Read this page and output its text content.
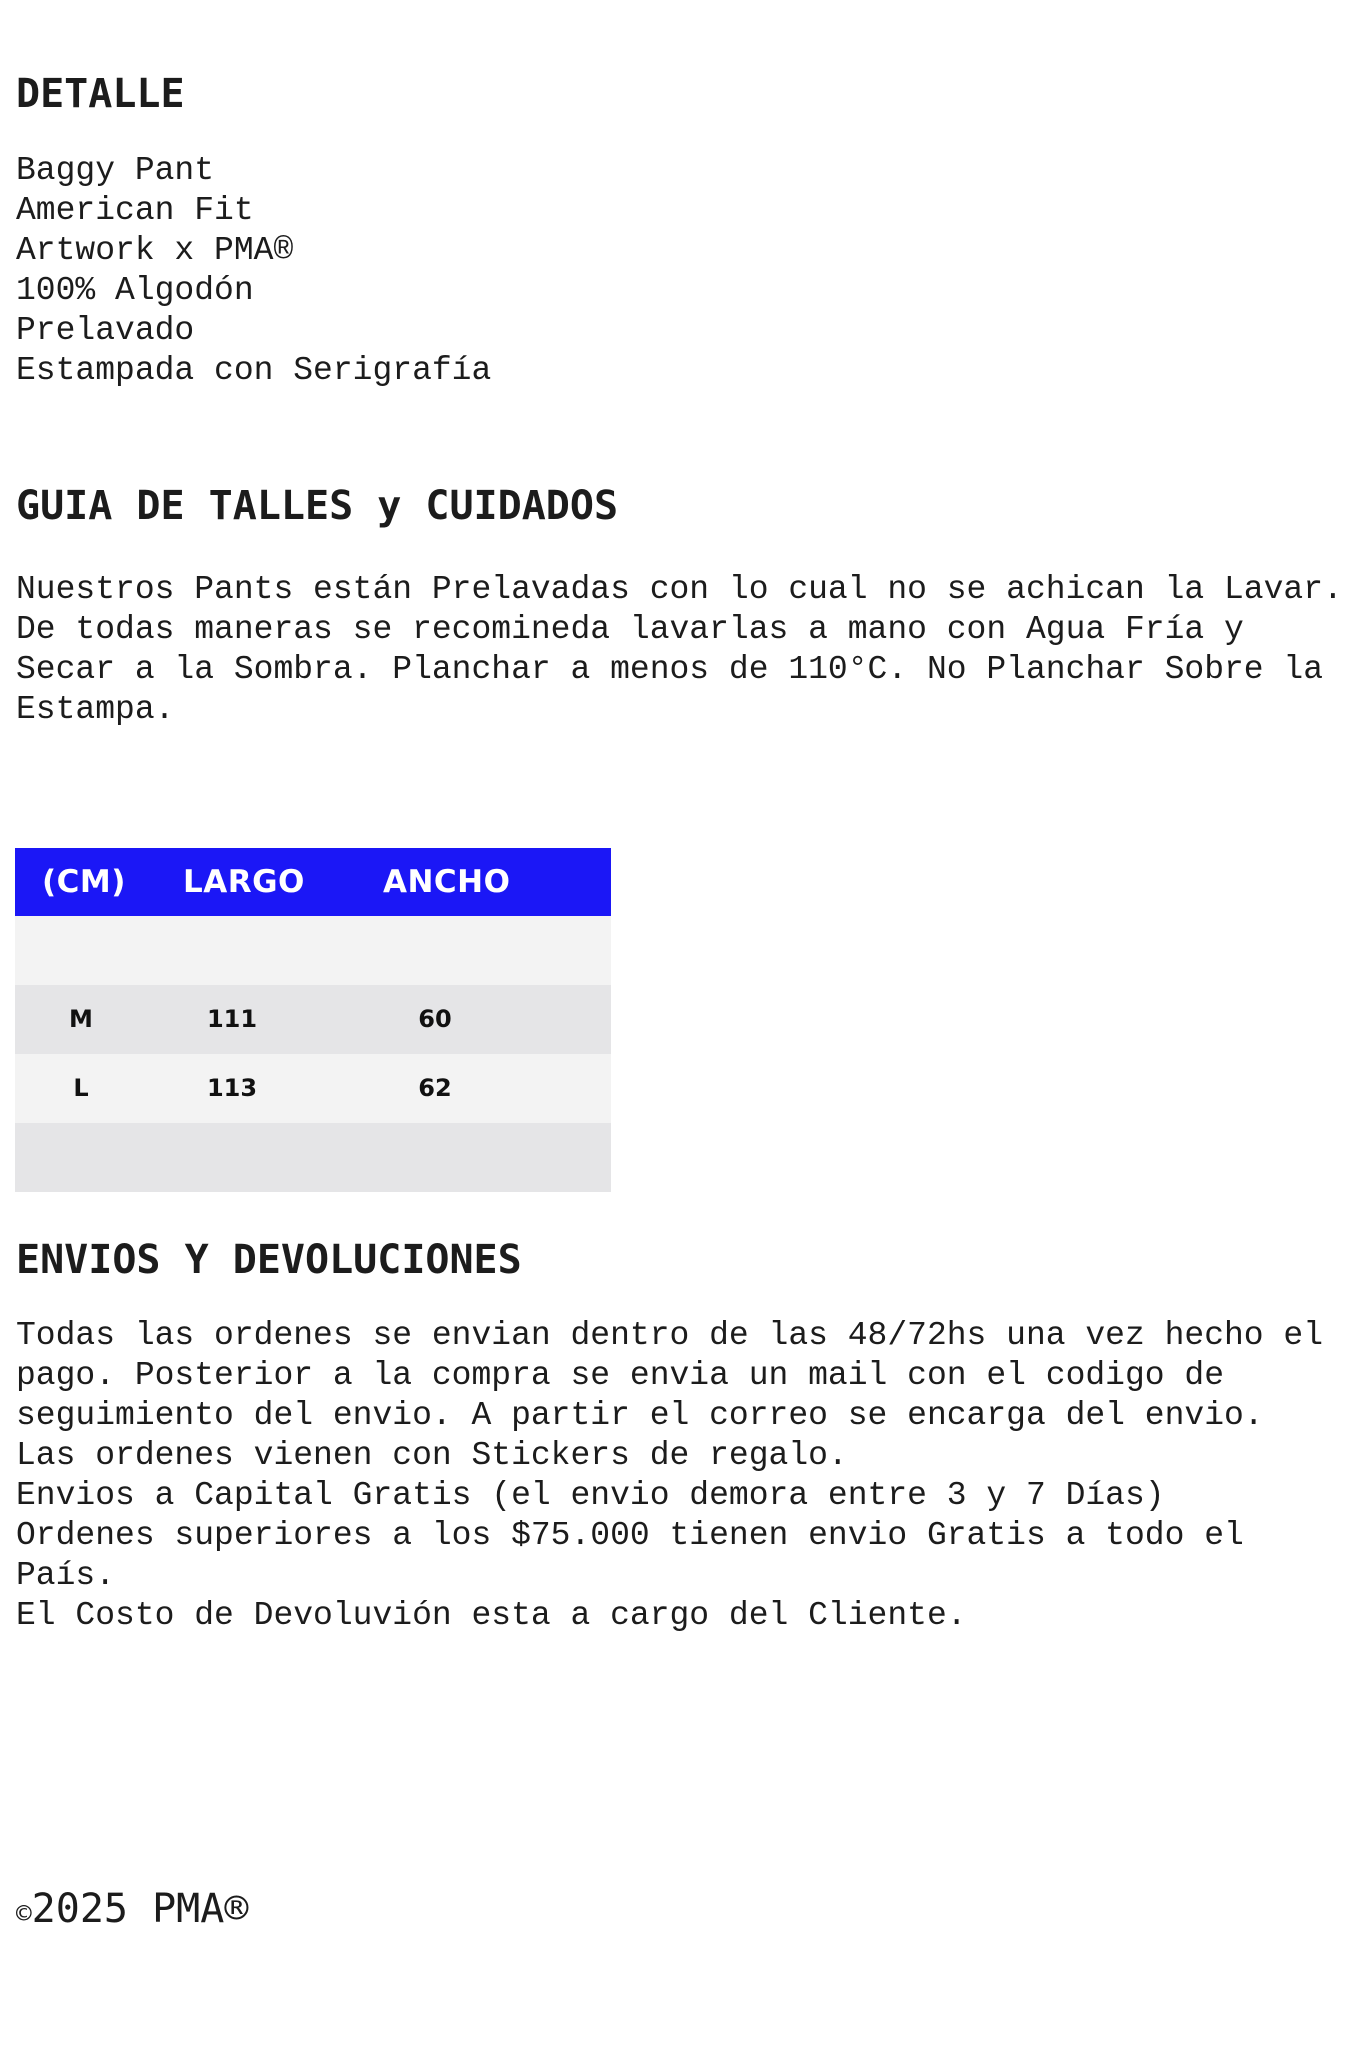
DETALLE
Baggy Pant
American Fit
Artwork x PMA®
100% Algodón
Prelavado
Estampada con Serigrafía
GUIA DE TALLES y CUIDADOS

Nuestros Pants están Prelavadas con lo cual no se achican la Lavar. De todas maneras se recomineda lavarlas a mano con Agua Fría y Secar a la Sombra. Planchar a menos de 110°C. No Planchar Sobre la Estampa.

(CM) LARGO	ANCHO
M	111	60
L	113	62
ENVIOS Y DEVOLUCIONES
Todas las ordenes se envian dentro de las 48/72hs una vez hecho el pago. Posterior a la compra se envia un mail con el codigo de seguimiento del envio. A partir el correo se encarga del envio.
Las ordenes vienen con Stickers de regalo.
Envios a Capital Gratis (el envio demora entre 3 y 7 Días)
Ordenes superiores a los $75.000 tienen envio Gratis a todo el País.
El Costo de Devoluvión esta a cargo del Cliente.
©2025 PMA®
